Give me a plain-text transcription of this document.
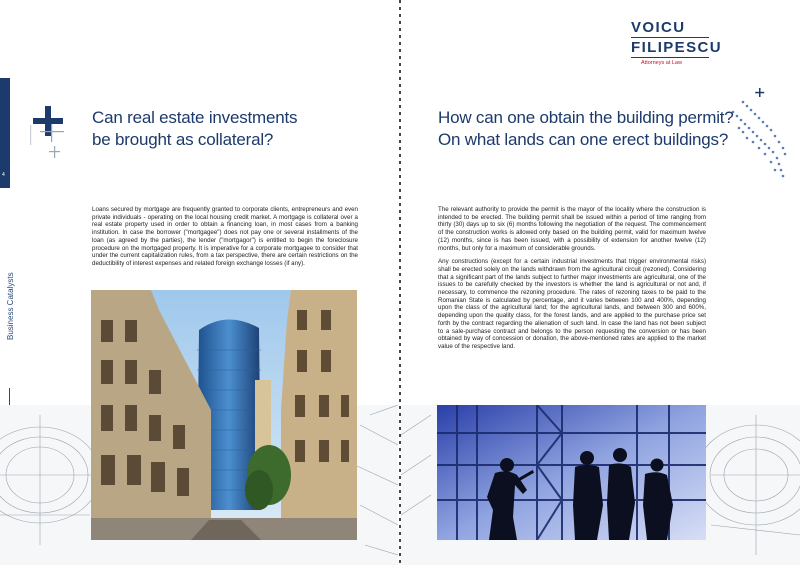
4
Business Catalysts
Can real estate investments
be brought as collateral?

Loans secured by mortgage are frequently granted to corporate clients, entrepreneurs and even private individuals - operating on the local housing credit market. A mortgage is collateral over a real estate property used in order to obtain a financing loan, in most cases from a banking institution. In case the borrower ("mortgagee") does not pay one or several installments of the loan (as agreed by the parties), the lender ("mortgagor") is entitled to begin the foreclosure procedure on the mortgaged property. It is imperative for a corporate mortgagee to consider that under the current capitalization rules, from a tax perspective, there are certain restrictions on the deductibility of interest expenses and related foreign exchange losses (if any).

VOICU
FILIPESCU
Attorneys at Law
How can one obtain the building permit?
On what lands can one erect buildings?

The relevant authority to provide the permit is the mayor of the locality where the construction is intended to be erected. The building permit shall be issued within a period of time ranging from thirty (30) days up to six (6) months following the negotiation of the request. The commencement of the construction works is allowed only based on the building permit, valid for maximum twelve (12) months, since is has been issued, with a possibility of extension for another twelve (12) months, but only for a maximum of considerable grounds.

Any constructions (except for a certain industrial investments that trigger environmental risks) shall be erected solely on the lands withdrawn from the agricultural circuit (rezoned). Considering that a significant part of the lands subject to further major investments are agricultural, one of the issues to be carefully checked by the investors is whether the land is agricultural or not and, if necessary, to commence the rezoning procedure. The rates of rezoning taxes to be paid to the Romanian State is calculated by percentage, and it varies between 100 and 400%, depending upon the class of the agricultural land; for the agricultural lands, and between 300 and 600%, depending upon the quality class, for the forest lands, and are applied to the purchase price set forth by the contract regarding the alienation of such land. In case the land has not been subject to a sale-purchase contract and belongs to the person requesting the conversion or has been obtained by way of concession or donation, the above-mentioned rates are applied to the market value of the respective land.
